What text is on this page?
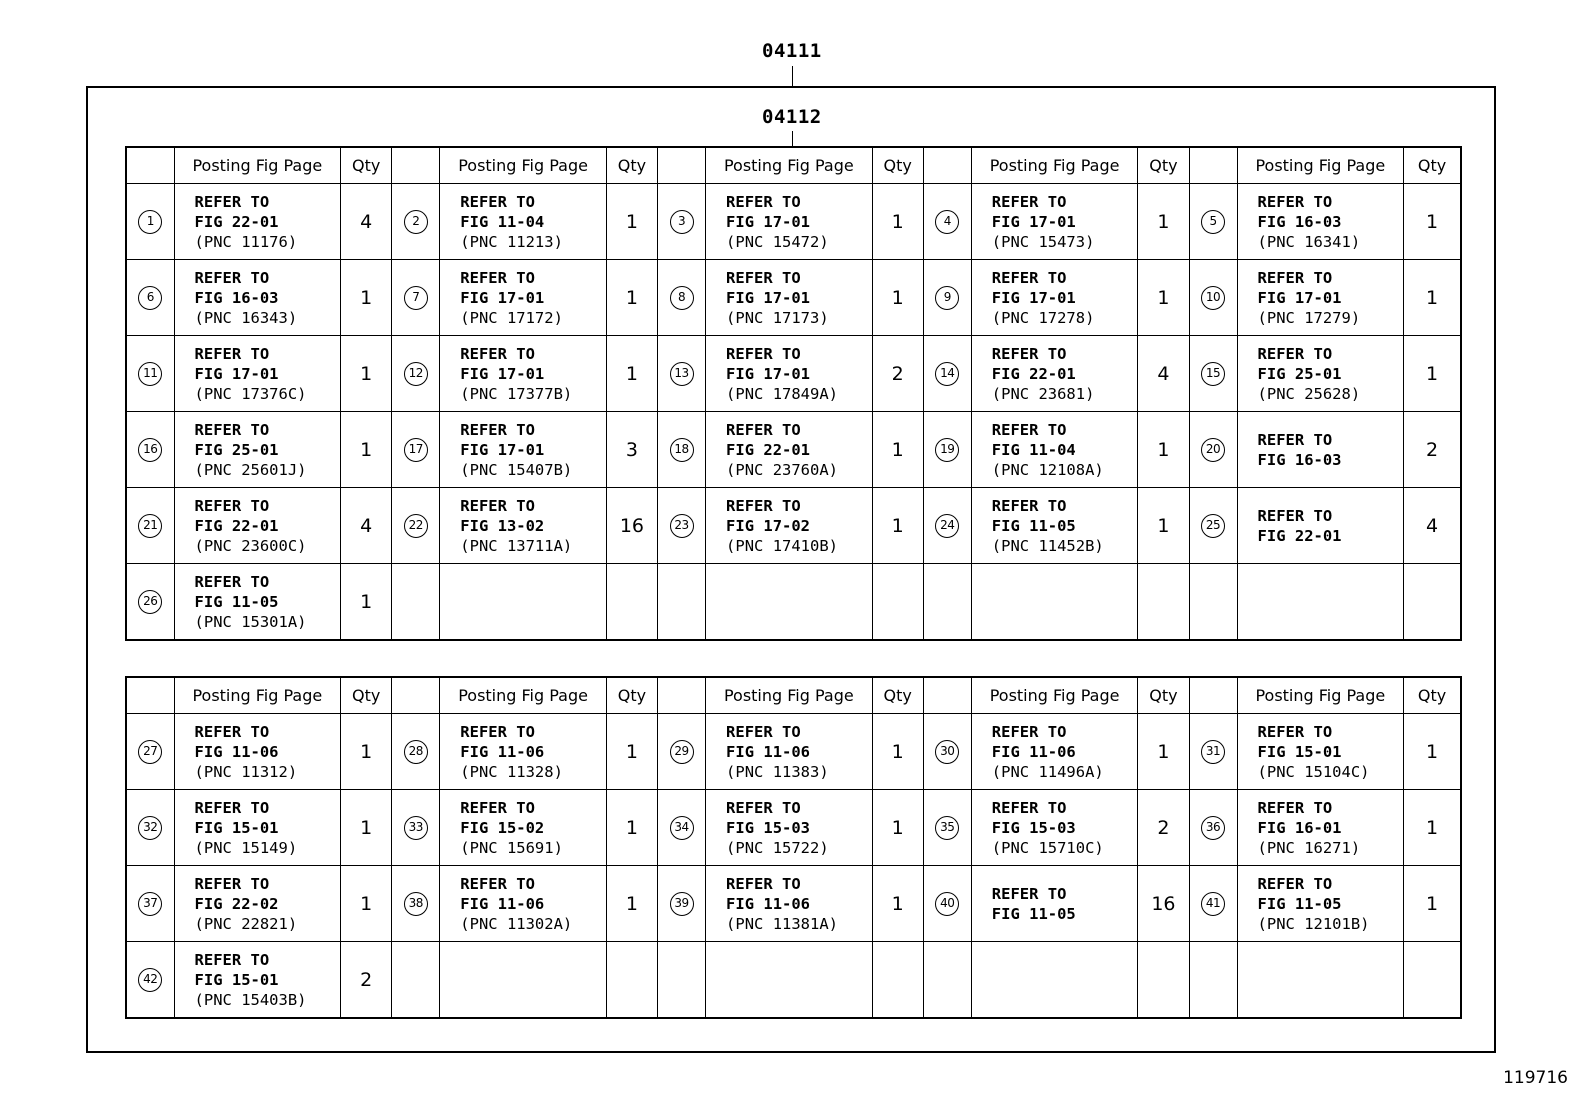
04111
04112
	Posting Fig Page	Qty		Posting Fig Page	Qty		Posting Fig Page	Qty		Posting Fig Page	Qty		Posting Fig Page	Qty
1	REFER TO
FIG 22-01
(PNC 11176)	4	2	REFER TO
FIG 11-04
(PNC 11213)	1	3	REFER TO
FIG 17-01
(PNC 15472)	1	4	REFER TO
FIG 17-01
(PNC 15473)	1	5	REFER TO
FIG 16-03
(PNC 16341)	1
6	REFER TO
FIG 16-03
(PNC 16343)	1	7	REFER TO
FIG 17-01
(PNC 17172)	1	8	REFER TO
FIG 17-01
(PNC 17173)	1	9	REFER TO
FIG 17-01
(PNC 17278)	1	10	REFER TO
FIG 17-01
(PNC 17279)	1
11	REFER TO
FIG 17-01
(PNC 17376C)	1	12	REFER TO
FIG 17-01
(PNC 17377B)	1	13	REFER TO
FIG 17-01
(PNC 17849A)	2	14	REFER TO
FIG 22-01
(PNC 23681)	4	15	REFER TO
FIG 25-01
(PNC 25628)	1
16	REFER TO
FIG 25-01
(PNC 25601J)	1	17	REFER TO
FIG 17-01
(PNC 15407B)	3	18	REFER TO
FIG 22-01
(PNC 23760A)	1	19	REFER TO
FIG 11-04
(PNC 12108A)	1	20	REFER TO
FIG 16-03	2
21	REFER TO
FIG 22-01
(PNC 23600C)	4	22	REFER TO
FIG 13-02
(PNC 13711A)	16	23	REFER TO
FIG 17-02
(PNC 17410B)	1	24	REFER TO
FIG 11-05
(PNC 11452B)	1	25	REFER TO
FIG 22-01	4
26	REFER TO
FIG 11-05
(PNC 15301A)	1												
	Posting Fig Page	Qty		Posting Fig Page	Qty		Posting Fig Page	Qty		Posting Fig Page	Qty		Posting Fig Page	Qty
27	REFER TO
FIG 11-06
(PNC 11312)	1	28	REFER TO
FIG 11-06
(PNC 11328)	1	29	REFER TO
FIG 11-06
(PNC 11383)	1	30	REFER TO
FIG 11-06
(PNC 11496A)	1	31	REFER TO
FIG 15-01
(PNC 15104C)	1
32	REFER TO
FIG 15-01
(PNC 15149)	1	33	REFER TO
FIG 15-02
(PNC 15691)	1	34	REFER TO
FIG 15-03
(PNC 15722)	1	35	REFER TO
FIG 15-03
(PNC 15710C)	2	36	REFER TO
FIG 16-01
(PNC 16271)	1
37	REFER TO
FIG 22-02
(PNC 22821)	1	38	REFER TO
FIG 11-06
(PNC 11302A)	1	39	REFER TO
FIG 11-06
(PNC 11381A)	1	40	REFER TO
FIG 11-05	16	41	REFER TO
FIG 11-05
(PNC 12101B)	1
42	REFER TO
FIG 15-01
(PNC 15403B)	2												
119716
